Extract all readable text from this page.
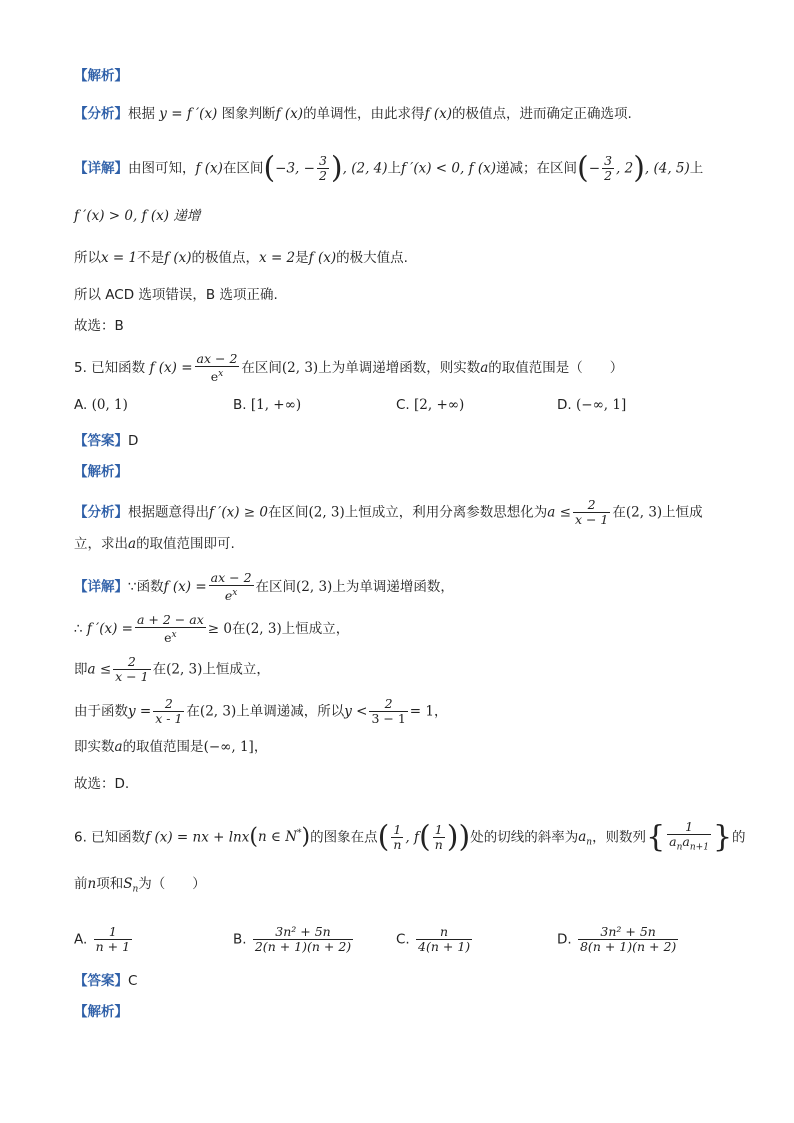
【解析】
【分析】根据 y = f ′(x) 图象判断f (x)的单调性，由此求得f (x)的极值点，进而确定正确选项.
【详解】由图可知，f (x)在区间(−3, − $\frac{3}{2}$ ), (2, 4)上f ′(x) < 0, f (x)递减；在区间(− $\frac{3}{2}$ , 2), (4, 5)上
f ′(x) > 0, f (x) 递增
所以x = 1不是f (x)的极值点，x = 2是f (x)的极大值点.
所以 ACD 选项错误，B 选项正确.
故选：B
5. 已知函数 f $(x) = \frac{ax - 2}{e^x}$ 在区间(2, 3)上为单调递增函数，则实数a的取值范围是（　　）
A. (0, 1)	B. [1, +∞)	C. [2, +∞)	D. (−∞, 1]
【答案】D
【解析】
【分析】根据题意得出f ′(x) ≥ 0在区间(2, 3)上恒成立，利用分离参数思想化为$a \le \frac{2}{x - 1}$ 在(2, 3)上恒成
立，求出a的取值范围即可.
【详解】∵函数f $(x) = \frac{ax - 2}{e^x}$ 在区间(2, 3)上为单调递增函数，
∴ f $'(x) = \frac{a + 2 - ax}{e^x} \ge 0$在(2, 3)上恒成立，
即$a \le \frac{2}{x - 1}$ 在(2, 3)上恒成立，
由于函数$y = \frac{2}{x - 1}$ 在(2, 3)上单调递减，所以$y < \frac{2}{3 - 1} = 1$，
即实数a的取值范围是(−∞, 1]，
故选：D.
6. 已知函数f (x) = nx + lnx(n ∈ N*)的图象在点( $\frac{1}{n}$ , $f( \frac{1}{n}$ ))处的切线的斜率为$a_n$，则数列{ $\frac{1}{a_na_{n+1}}$ }的
前n项和$S_n$为（　　）
A. $\frac{1}{n + 1}$	B. $\frac{\text{3n² + 5n}}{2(n + 1)(n + 2)}$	C. $\frac{n}{4(n + 1)}$	D. $\frac{\text{3n² + 5n}}{8(n + 1)(n + 2)}$
【答案】C
【解析】
